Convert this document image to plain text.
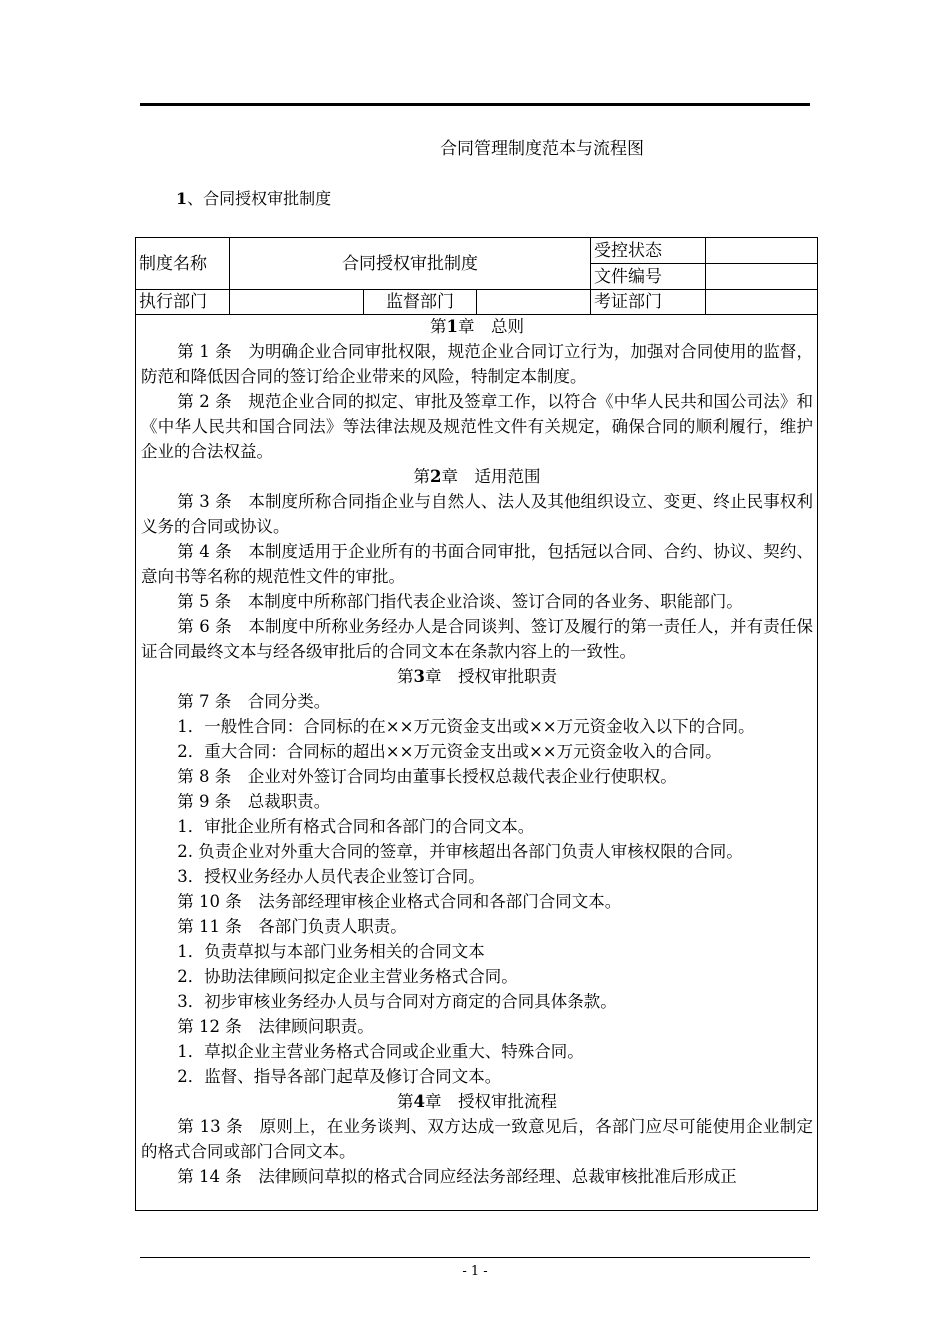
合同管理制度范本与流程图
1、合同授权审批制度
制度名称	合同授权审批制度			受控状态	
				文件编号	
执行部门		监督部门		考证部门	

第1章　总则

第 1 条　为明确企业合同审批权限，规范企业合同订立行为，加强对合同使用的监督，防范和降低因合同的签订给企业带来的风险，特制定本制度。

第 2 条　规范企业合同的拟定、审批及签章工作，以符合《中华人民共和国公司法》和《中华人民共和国合同法》等法律法规及规范性文件有关规定，确保合同的顺利履行，维护企业的合法权益。

第2章　适用范围

第 3 条　本制度所称合同指企业与自然人、法人及其他组织设立、变更、终止民事权利义务的合同或协议。

第 4 条　本制度适用于企业所有的书面合同审批，包括冠以合同、合约、协议、契约、意向书等名称的规范性文件的审批。

第 5 条　本制度中所称部门指代表企业洽谈、签订合同的各业务、职能部门。

第 6 条　本制度中所称业务经办人是合同谈判、签订及履行的第一责任人，并有责任保证合同最终文本与经各级审批后的合同文本在条款内容上的一致性。

第3章　授权审批职责

第 7 条　合同分类。

1．一般性合同：合同标的在××万元资金支出或××万元资金收入以下的合同。

2．重大合同：合同标的超出××万元资金支出或××万元资金收入的合同。

第 8 条　企业对外签订合同均由董事长授权总裁代表企业行使职权。

第 9 条　总裁职责。

1．审批企业所有格式合同和各部门的合同文本。

2. 负责企业对外重大合同的签章，并审核超出各部门负责人审核权限的合同。

3．授权业务经办人员代表企业签订合同。

第 10 条　法务部经理审核企业格式合同和各部门合同文本。

第 11 条　各部门负责人职责。

1．负责草拟与本部门业务相关的合同文本

2．协助法律顾问拟定企业主营业务格式合同。

3．初步审核业务经办人员与合同对方商定的合同具体条款。

第 12 条　法律顾问职责。

1．草拟企业主营业务格式合同或企业重大、特殊合同。

2．监督、指导各部门起草及修订合同文本。

第4章　授权审批流程

第 13 条　原则上，在业务谈判、双方达成一致意见后，各部门应尽可能使用企业制定的格式合同或部门合同文本。

第 14 条　法律顾问草拟的格式合同应经法务部经理、总裁审核批准后形成正

- 1 -
